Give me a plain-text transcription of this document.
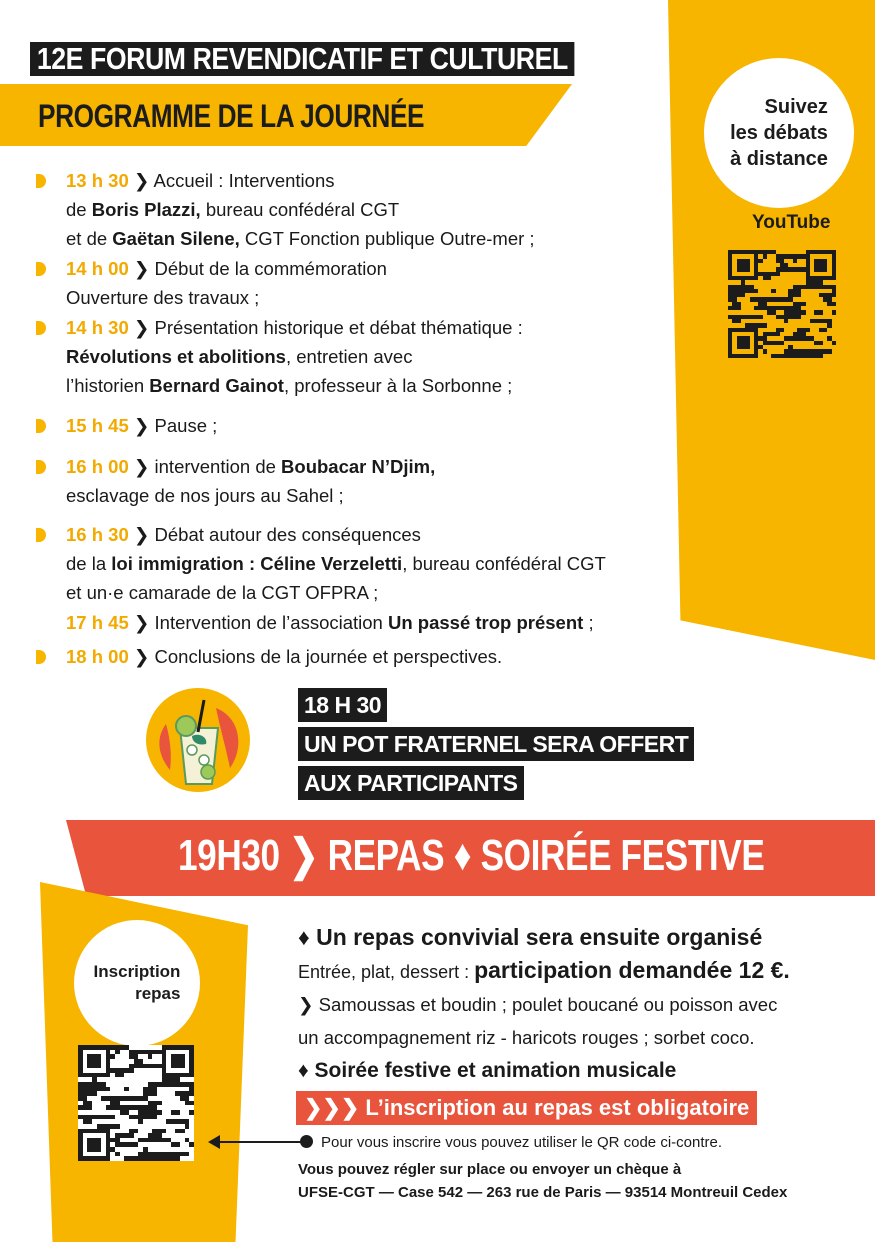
12E FORUM REVENDICATIF ET CULTUREL
PROGRAMME DE LA JOURNÉE	Suivez
les débats
à distance
YouTube
13 h 30 ❯ Accueil : Interventions
de Boris Plazzi, bureau confédéral CGT
et de Gaëtan Silene, CGT Fonction publique Outre-mer ;
14 h 00 ❯ Début de la commémoration
Ouverture des travaux ;
14 h 30 ❯ Présentation historique et débat thématique :
Révolutions et abolitions, entretien avec
l’historien Bernard Gainot, professeur à la Sorbonne ;
15 h 45 ❯ Pause ;
16 h 00 ❯ intervention de Boubacar N’Djim,
esclavage de nos jours au Sahel ;
16 h 30 ❯ Débat autour des conséquences
de la loi immigration : Céline Verzeletti, bureau confédéral CGT
et un·e camarade de la CGT OFPRA ;
17 h 45 ❯ Intervention de l’association Un passé trop présent ;
18 h 00 ❯ Conclusions de la journée et perspectives.
18 H 30
UN POT FRATERNEL SERA OFFERT
AUX PARTICIPANTS
19H30 ❯ REPAS ♦ SOIRÉE FESTIVE
Inscription
repas
♦ Un repas convivial sera ensuite organisé
Entrée, plat, dessert : participation demandée 12 €.
❯ Samoussas et boudin ; poulet boucané ou poisson avec
un accompagnement riz - haricots rouges ; sorbet coco.
♦ Soirée festive et animation musicale
❯❯❯ L’inscription au repas est obligatoire
Pour vous inscrire vous pouvez utiliser le QR code ci-contre.
Vous pouvez régler sur place ou envoyer un chèque à
UFSE-CGT — Case 542 — 263 rue de Paris — 93514 Montreuil Cedex
